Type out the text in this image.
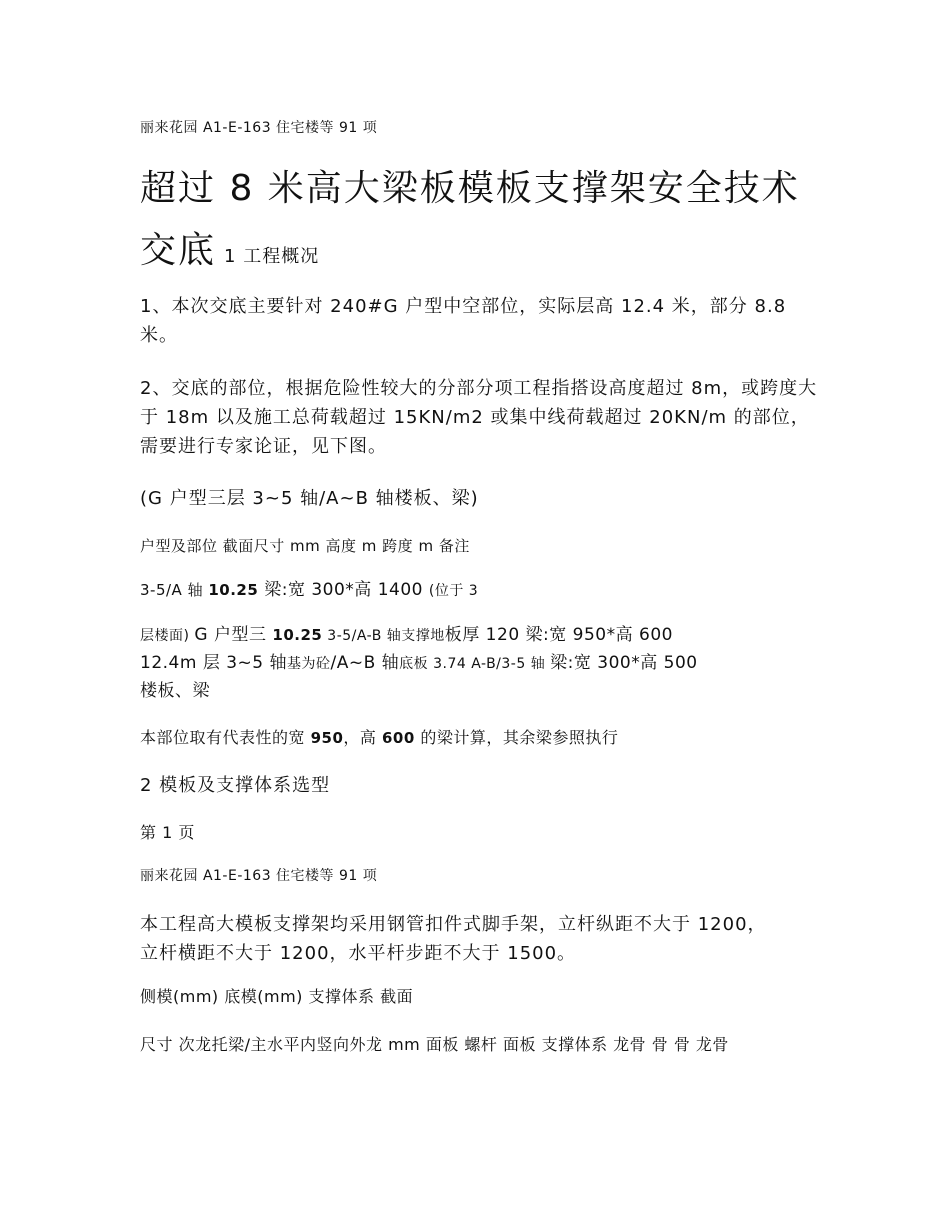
丽来花园 A1-E-163 住宅楼等 91 项
超过 8 米高大梁板模板支撑架安全技术
交底 1 工程概况
1、本次交底主要针对 240#G 户型中空部位，实际层高 12.4 米，部分 8.8 米。
2、交底的部位，根据危险性较大的分部分项工程指搭设高度超过 8m，或跨度大于 18m 以及施工总荷载超过 15KN/m2 或集中线荷载超过 20KN/m 的部位，需要进行专家论证，见下图。
(G 户型三层 3~5 轴/A~B 轴楼板、梁)
户型及部位 截面尺寸 mm 高度 m 跨度 m 备注
3-5/A 轴 10.25 梁:宽 300*高 1400 (位于 3
层楼面) G 户型三 10.25 3-5/A-B 轴支撑地板厚 120 梁:宽 950*高 600
12.4m 层 3~5 轴基为砼/A~B 轴底板 3.74 A-B/3-5 轴 梁:宽 300*高 500
楼板、梁
本部位取有代表性的宽 950，高 600 的梁计算，其余梁参照执行
2 模板及支撑体系选型
第 1 页
丽来花园 A1-E-163 住宅楼等 91 项
本工程高大模板支撑架均采用钢管扣件式脚手架，立杆纵距不大于 1200，立杆横距不大于 1200，水平杆步距不大于 1500。
侧模(mm) 底模(mm) 支撑体系 截面
尺寸 次龙托梁/主水平内竖向外龙 mm 面板 螺杆 面板 支撑体系 龙骨 骨 骨 龙骨
